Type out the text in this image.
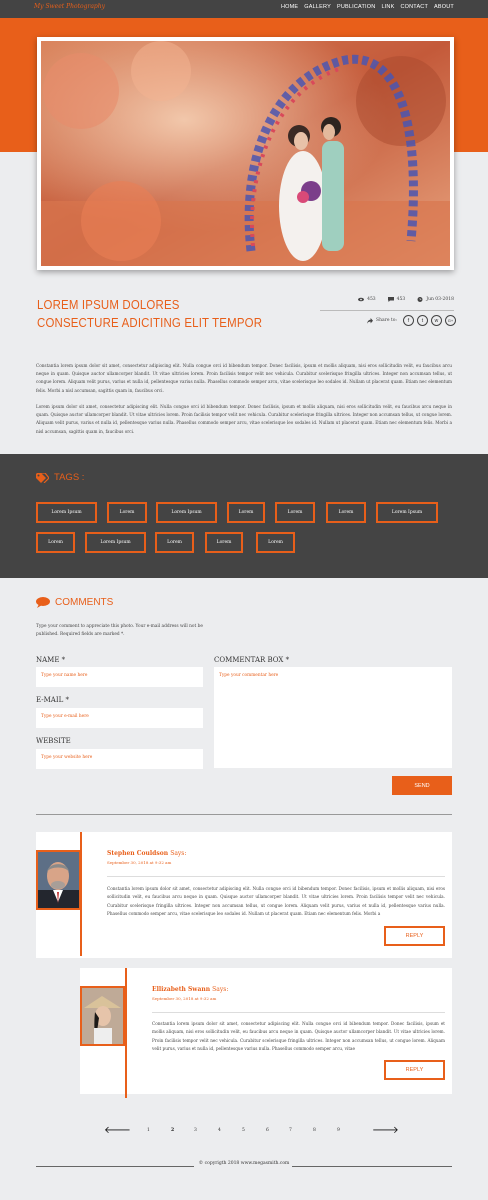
My Sweet Photography	HOME GALLERY PUBLICATION LINK CONTACT ABOUT
LOREM IPSUM DOLORES
CONSECTURE ADICITING ELIT TEMPOR
453	453	Jun 03-2018
Share to:	f	t	w	G+
Constantia lorem ipsum dolor sit amet, consectetur adipiscing elit. Nulla congue orci id bibendum tempor. Donec facilisis, ipsum et mollis aliquam, nisi eros sollicitudin velit, eu faucibus arcu neque in quam. Quisque auctor ullamcorper blandit. Ut vitae ultricies lorem. Proin facilisis tempor velit nec vehicula. Curabitur scelerisque fringilla ultrices. Integer non accumsan tellus, ut congue lorem. Aliquam velit purus, varius et nulla id, pellentesque varius nulla. Phasellus commodo semper arcu, vitae scelerisque leo sodales id. Nullam ut placerat quam. Etiam nec elementum felis. Morbi a nisl accumsan, sagittis quam in, faucibus orci.
Lorem ipsum dolor sit amet, consectetur adipiscing elit. Nulla congue orci id bibendum tempor. Donec facilisis, ipsum et mollis aliquam, nisi eros sollicitudin velit, eu faucibus arcu neque in quam. Quisque auctor ullamcorper blandit. Ut vitae ultricies lorem. Proin facilisis tempor velit nec vehicula. Curabitur scelerisque fringilla ultrices. Integer non accumsan tellus, ut congue lorem. Aliquam velit purus, varius et nulla id, pellentesque varius nulla. Phasellus commodo semper arcu, vitae scelerisque leo sodales id. Nullam ut placerat quam. Etiam nec elementum felis. Morbi a nisl accumsan, sagittis quam in, faucibus orci.
TAGS :
Lorem Ipsum	Lorem	Lorem Ipsum	Lorem	Lorem	Lorem	Lorem Ipsum
Lorem	Lorem Ipsum	Lorem	Lorem	Lorem
COMMENTS
Type your comment to appreciate this photo. Your e-mail address will not be published. Required fields are marked *.
NAME *
Type your name here
E-MAIL *
Type your e-mail here
WEBSITE
Type your website here
COMMENTAR BOX *
Type your commentar here
SEND
Stephen Couldson Says:
September 30, 2018 at 9:32 am
Constantia lorem ipsum dolor sit amet, consectetur adipiscing elit. Nulla congue orci id bibendum tempor. Donec facilisis, ipsum et mollis aliquam, nisi eros sollicitudin velit, eu faucibus arcu neque in quam. Quisque auctor ullamcorper blandit. Ut vitae ultricies lorem. Proin facilisis tempor velit nec vehicula. Curabitur scelerisque fringilla ultrices. Integer non accumsan tellus, ut congue lorem. Aliquam velit purus, varius et nulla id, pellentesque varius nulla. Phasellus commodo semper arcu, vitae scelerisque leo sodales id. Nullam ut placerat quam. Etiam nec elementum felis. Morbi a
REPLY
Ellizabeth Swann Says:
September 30, 2018 at 9:32 am
Constantia lorem ipsum dolor sit amet, consectetur adipiscing elit. Nulla congue orci id bibendum tempor. Donec facilisis, ipsum et mollis aliquam, nisi eros sollicitudin velit, eu faucibus arcu neque in quam. Quisque auctor ullamcorper blandit. Ut vitae ultricies lorem. Proin facilisis tempor velit nec vehicula. Curabitur scelerisque fringilla ultrices. Integer non accumsan tellus, ut congue lorem. Aliquam velit purus, varius et nulla id, pellentesque varius nulla. Phasellus commodo semper arcu, vitae
REPLY
🡐	1	2	3	4	5	6	7	8	9	🡒
© copyrigth 2018 www.megasmith.com
